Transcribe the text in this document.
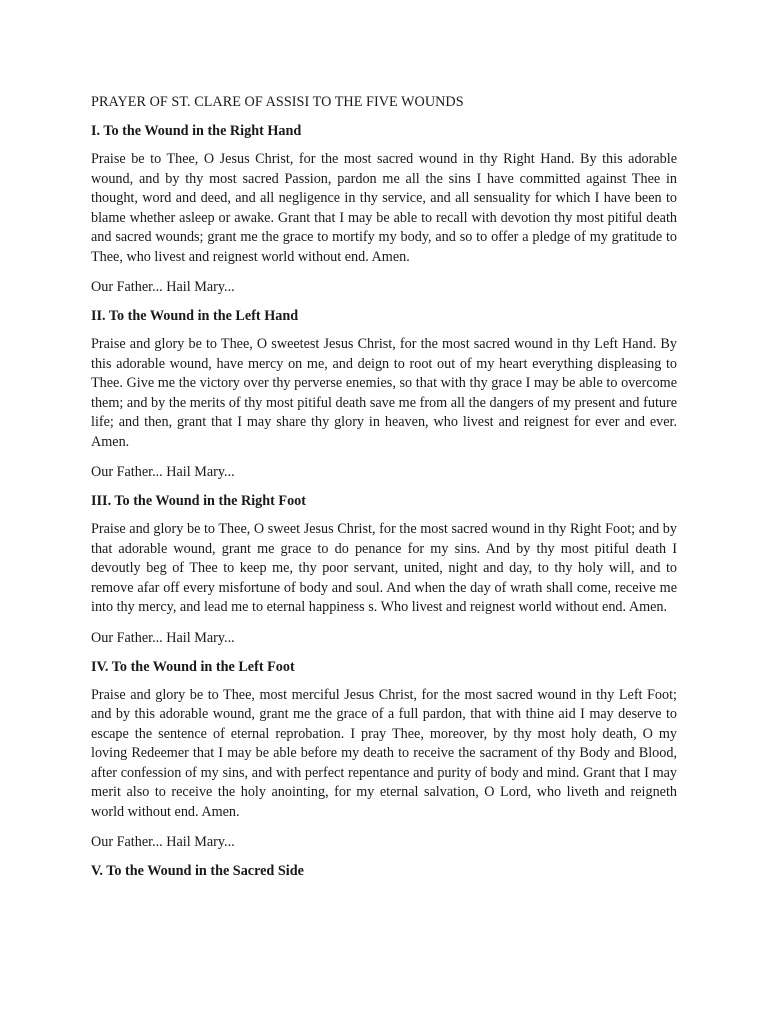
PRAYER OF ST. CLARE OF ASSISI TO THE FIVE WOUNDS
I. To the Wound in the Right Hand

Praise be to Thee, O Jesus Christ, for the most sacred wound in thy Right Hand. By this adorable wound, and by thy most sacred Passion, pardon me all the sins I have committed against Thee in thought, word and deed, and all negligence in thy service, and all sensuality for which I have been to blame whether asleep or awake. Grant that I may be able to recall with devotion thy most pitiful death and sacred wounds; grant me the grace to mortify my body, and so to offer a pledge of my gratitude to Thee, who livest and reignest world without end. Amen.

Our Father... Hail Mary...
II. To the Wound in the Left Hand

Praise and glory be to Thee, O sweetest Jesus Christ, for the most sacred wound in thy Left Hand. By this adorable wound, have mercy on me, and deign to root out of my heart everything displeasing to Thee. Give me the victory over thy perverse enemies, so that with thy grace I may be able to overcome them; and by the merits of thy most pitiful death save me from all the dangers of my present and future life; and then, grant that I may share thy glory in heaven, who livest and reignest for ever and ever. Amen.

Our Father... Hail Mary...
III. To the Wound in the Right Foot

Praise and glory be to Thee, O sweet Jesus Christ, for the most sacred wound in thy Right Foot; and by that adorable wound, grant me grace to do penance for my sins. And by thy most pitiful death I devoutly beg of Thee to keep me, thy poor servant, united, night and day, to thy holy will, and to remove afar off every misfortune of body and soul. And when the day of wrath shall come, receive me into thy mercy, and lead me to eternal happiness s. Who livest and reignest world without end. Amen.

Our Father... Hail Mary...
IV. To the Wound in the Left Foot

Praise and glory be to Thee, most merciful Jesus Christ, for the most sacred wound in thy Left Foot; and by this adorable wound, grant me the grace of a full pardon, that with thine aid I may deserve to escape the sentence of eternal reprobation. I pray Thee, moreover, by thy most holy death, O my loving Redeemer that I may be able before my death to receive the sacrament of thy Body and Blood, after confession of my sins, and with perfect repentance and purity of body and mind. Grant that I may merit also to receive the holy anointing, for my eternal salvation, O Lord, who liveth and reigneth world without end. Amen.

Our Father... Hail Mary...
V. To the Wound in the Sacred Side
